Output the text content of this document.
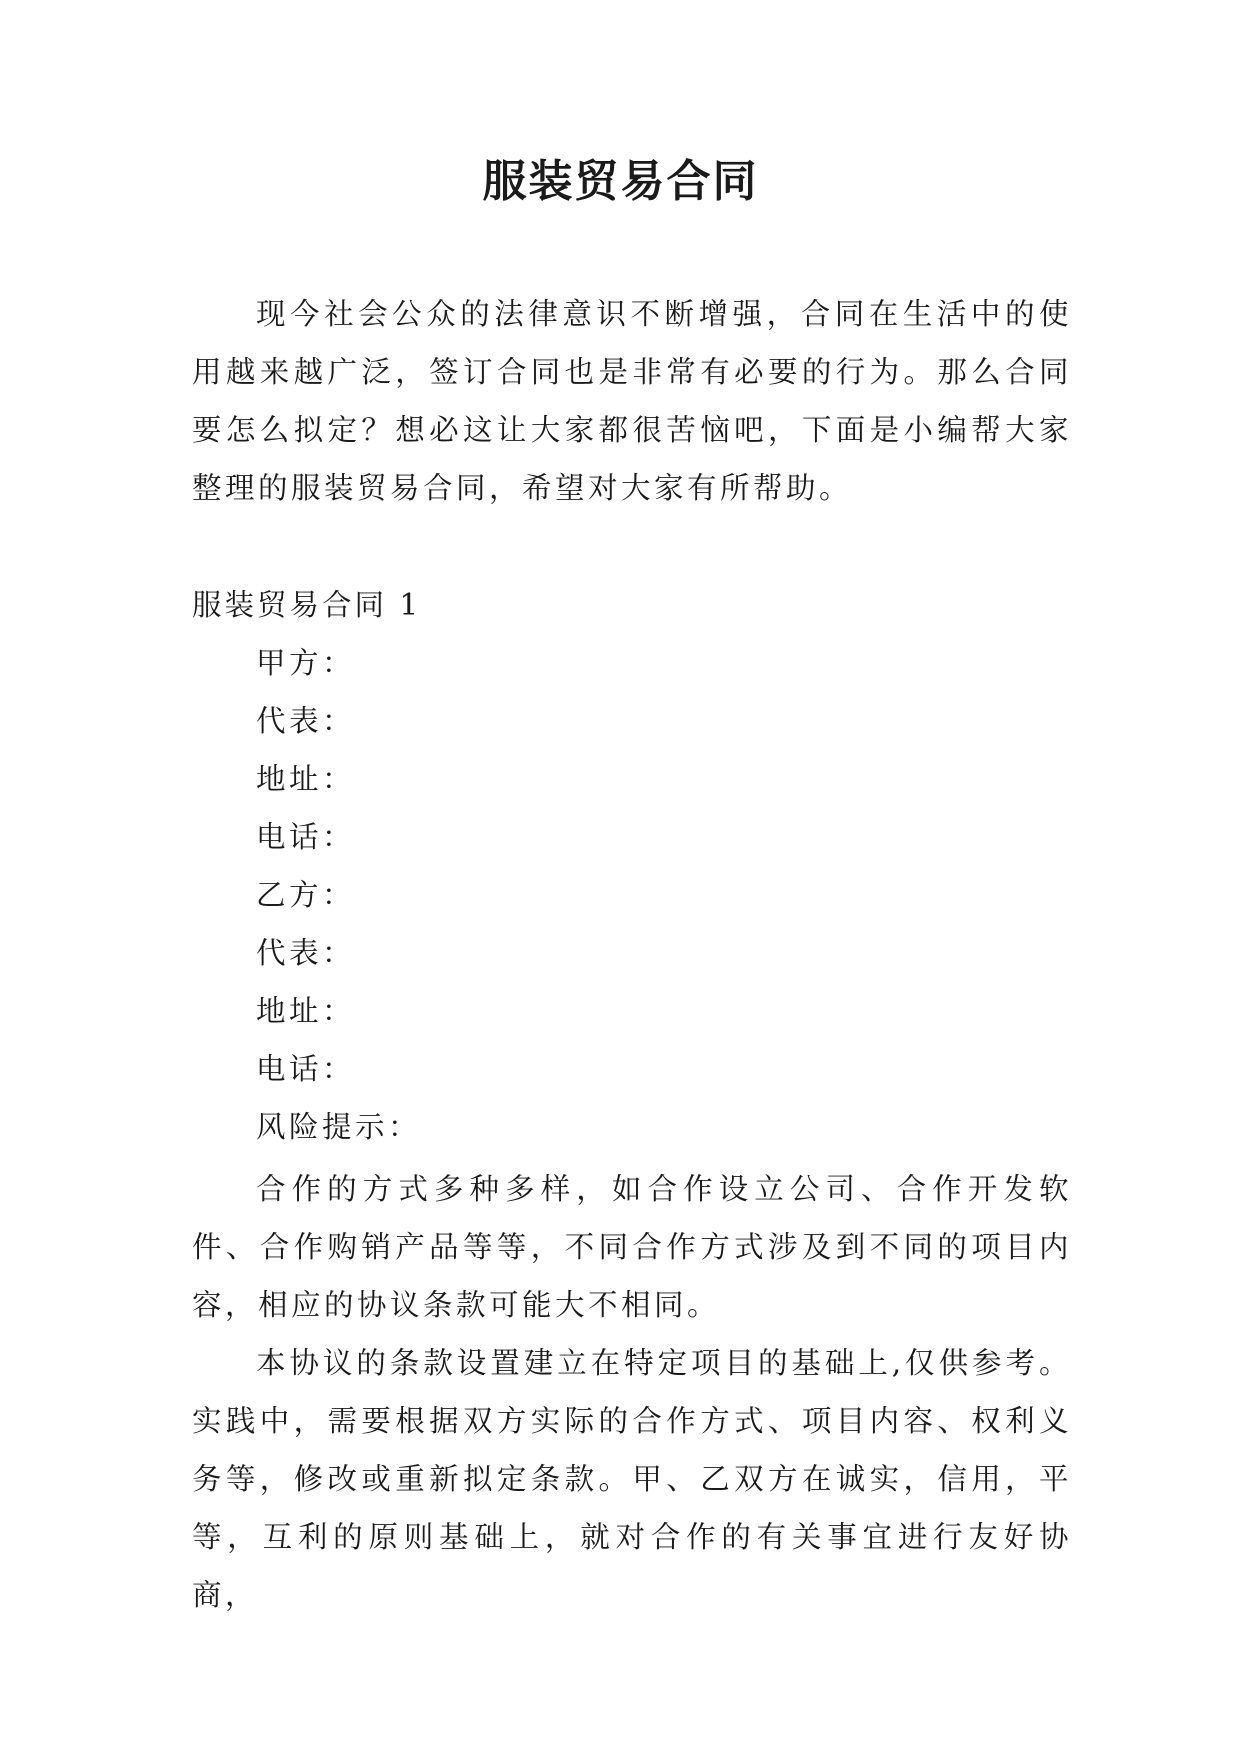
服装贸易合同

现今社会公众的法律意识不断增强，合同在生活中的使用越来越广泛，签订合同也是非常有必要的行为。那么合同要怎么拟定？想必这让大家都很苦恼吧，下面是小编帮大家整理的服装贸易合同，希望对大家有所帮助。

服装贸易合同 1
甲方：
代表：
地址：
电话：
乙方：
代表：
地址：
电话：
风险提示：

合作的方式多种多样，如合作设立公司、合作开发软件、合作购销产品等等，不同合作方式涉及到不同的项目内容，相应的协议条款可能大不相同。

本协议的条款设置建立在特定项目的基础上,仅供参考。实践中，需要根据双方实际的合作方式、项目内容、权利义务等，修改或重新拟定条款。甲、乙双方在诚实，信用，平等，互利的原则基础上，就对合作的有关事宜进行友好协商，
